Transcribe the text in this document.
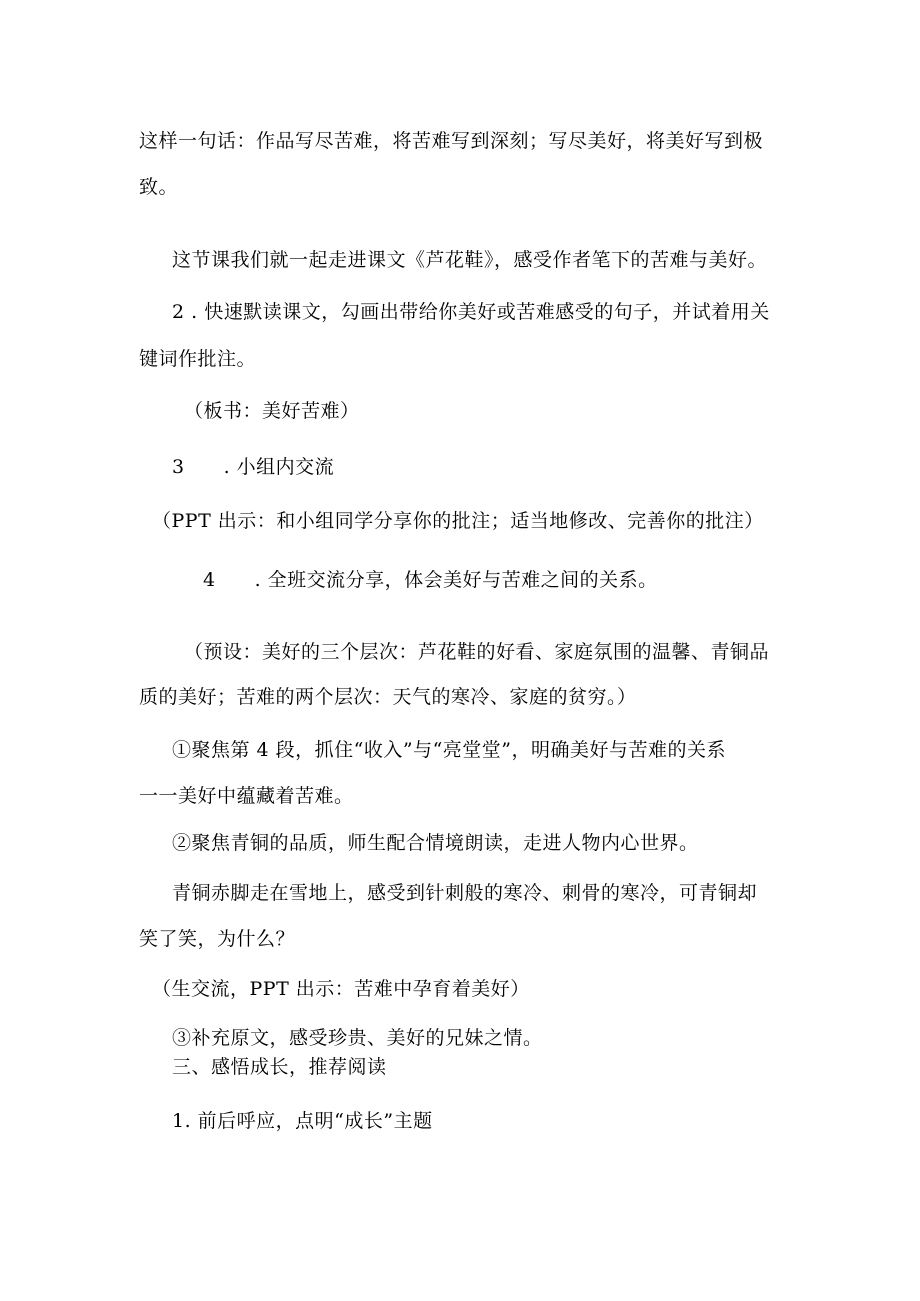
这样一句话：作品写尽苦难，将苦难写到深刻；写尽美好，将美好写到极
致。
这节课我们就一起走进课文《芦花鞋》，感受作者笔下的苦难与美好。
2 . 快速默读课文，勾画出带给你美好或苦难感受的句子，并试着用关
键词作批注。
（板书：美好苦难）
3　　. 小组内交流
（PPT 出示：和小组同学分享你的批注；适当地修改、完善你的批注）
4　　. 全班交流分享，体会美好与苦难之间的关系。
（预设：美好的三个层次：芦花鞋的好看、家庭氛围的温馨、青铜品
质的美好；苦难的两个层次：天气的寒冷、家庭的贫穷。）
①聚焦第 4 段，抓住“收入”与“亮堂堂”，明确美好与苦难的关系
一一美好中蕴藏着苦难。
②聚焦青铜的品质，师生配合情境朗读，走进人物内心世界。
青铜赤脚走在雪地上，感受到针刺般的寒冷、刺骨的寒冷，可青铜却
笑了笑，为什么？
（生交流，PPT 出示：苦难中孕育着美好）
③补充原文，感受珍贵、美好的兄妹之情。
三、感悟成长，推荐阅读
1. 前后呼应，点明“成长”主题
